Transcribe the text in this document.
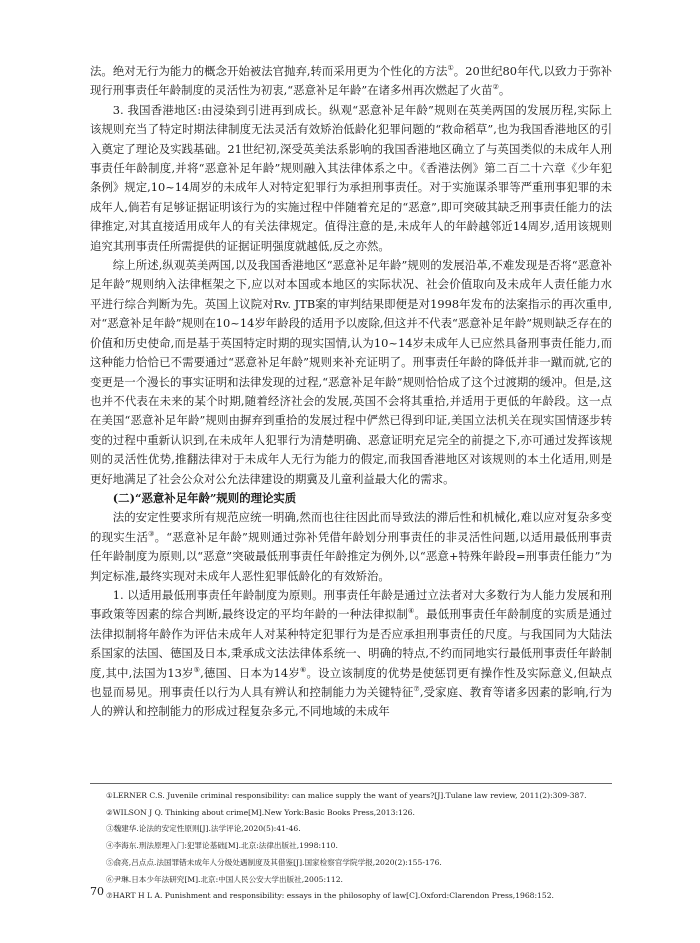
法。绝对无行为能力的概念开始被法官抛弃,转而采用更为个性化的方法①。20世纪80年代,以致力于弥补现行刑事责任年龄制度的灵活性为初衷,“恶意补足年龄”在诸多州再次燃起了火苗②。

3. 我国香港地区:由浸染到引进再到成长。纵观“恶意补足年龄”规则在英美两国的发展历程,实际上该规则充当了特定时期法律制度无法灵活有效矫治低龄化犯罪问题的“救命稻草”,也为我国香港地区的引入奠定了理论及实践基础。21世纪初,深受英美法系影响的我国香港地区确立了与英国类似的未成年人刑事责任年龄制度,并将“恶意补足年龄”规则融入其法律体系之中。《香港法例》第二百二十六章《少年犯条例》规定,10~14周岁的未成年人对特定犯罪行为承担刑事责任。对于实施谋杀罪等严重刑事犯罪的未成年人,倘若有足够证据证明该行为的实施过程中伴随着充足的“恶意”,即可突破其缺乏刑事责任能力的法律推定,对其直接适用成年人的有关法律规定。值得注意的是,未成年人的年龄越邻近14周岁,适用该规则追究其刑事责任所需提供的证据证明强度就越低,反之亦然。

综上所述,纵观英美两国,以及我国香港地区“恶意补足年龄”规则的发展沿革,不难发现是否将“恶意补足年龄”规则纳入法律框架之下,应以对本国或本地区的实际状况、社会价值取向及未成年人责任能力水平进行综合判断为先。英国上议院对Rv. JTB案的审判结果即便是对1998年发布的法案指示的再次重申,对“恶意补足年龄”规则在10~14岁年龄段的适用予以废除,但这并不代表“恶意补足年龄”规则缺乏存在的价值和历史使命,而是基于英国特定时期的现实国情,认为10~14岁未成年人已应然具备刑事责任能力,而这种能力恰恰已不需要通过“恶意补足年龄”规则来补充证明了。刑事责任年龄的降低并非一蹴而就,它的变更是一个漫长的事实证明和法律发现的过程,“恶意补足年龄”规则恰恰成了这个过渡期的缓冲。但是,这也并不代表在未来的某个时期,随着经济社会的发展,英国不会将其重拾,并适用于更低的年龄段。这一点在美国“恶意补足年龄”规则由摒弃到重拾的发展过程中俨然已得到印证,美国立法机关在现实国情逐步转变的过程中重新认识到,在未成年人犯罪行为清楚明确、恶意证明充足完全的前提之下,亦可通过发挥该规则的灵活性优势,推翻法律对于未成年人无行为能力的假定,而我国香港地区对该规则的本土化适用,则是更好地满足了社会公众对公允法律建设的期冀及儿童利益最大化的需求。

(二)“恶意补足年龄”规则的理论实质

法的安定性要求所有规范应统一明确,然而也往往因此而导致法的滞后性和机械化,难以应对复杂多变的现实生活③。“恶意补足年龄”规则通过弥补凭借年龄划分刑事责任的非灵活性问题,以适用最低刑事责任年龄制度为原则,以“恶意”突破最低刑事责任年龄推定为例外,以“恶意+特殊年龄段=刑事责任能力”为判定标准,最终实现对未成年人恶性犯罪低龄化的有效矫治。

1. 以适用最低刑事责任年龄制度为原则。刑事责任年龄是通过立法者对大多数行为人能力发展和刑事政策等因素的综合判断,最终设定的平均年龄的一种法律拟制④。最低刑事责任年龄制度的实质是通过法律拟制将年龄作为评估未成年人对某种特定犯罪行为是否应承担刑事责任的尺度。与我国同为大陆法系国家的法国、德国及日本,秉承成文法法律体系统一、明确的特点,不约而同地实行最低刑事责任年龄制度,其中,法国为13岁⑤,德国、日本为14岁⑥。设立该制度的优势是使惩罚更有操作性及实际意义,但缺点也显而易见。刑事责任以行为人具有辨认和控制能力为关键特征⑦,受家庭、教育等诸多因素的影响,行为人的辨认和控制能力的形成过程复杂多元,不同地域的未成年

①LERNER C.S. Juvenile criminal responsibility: can malice supply the want of years?[J].Tulane law review, 2011(2):309-387.

②WILSON J Q. Thinking about crime[M].New York:Basic Books Press,2013:126.

③魏建华.论法的安定性原则[J].法学评论,2020(5):41-46.

④李海东.刑法原理入门:犯罪论基础[M].北京:法律出版社,1998:110.

⑤俞亮,吕点点.法国罪错未成年人分级处遇制度及其借鉴[J].国家检察官学院学报,2020(2):155-176.

⑥尹琳.日本少年法研究[M].北京:中国人民公安大学出版社,2005:112.

⑦HART H L A. Punishment and responsibility: essays in the philosophy of law[C].Oxford:Clarendon Press,1968:152.

70
